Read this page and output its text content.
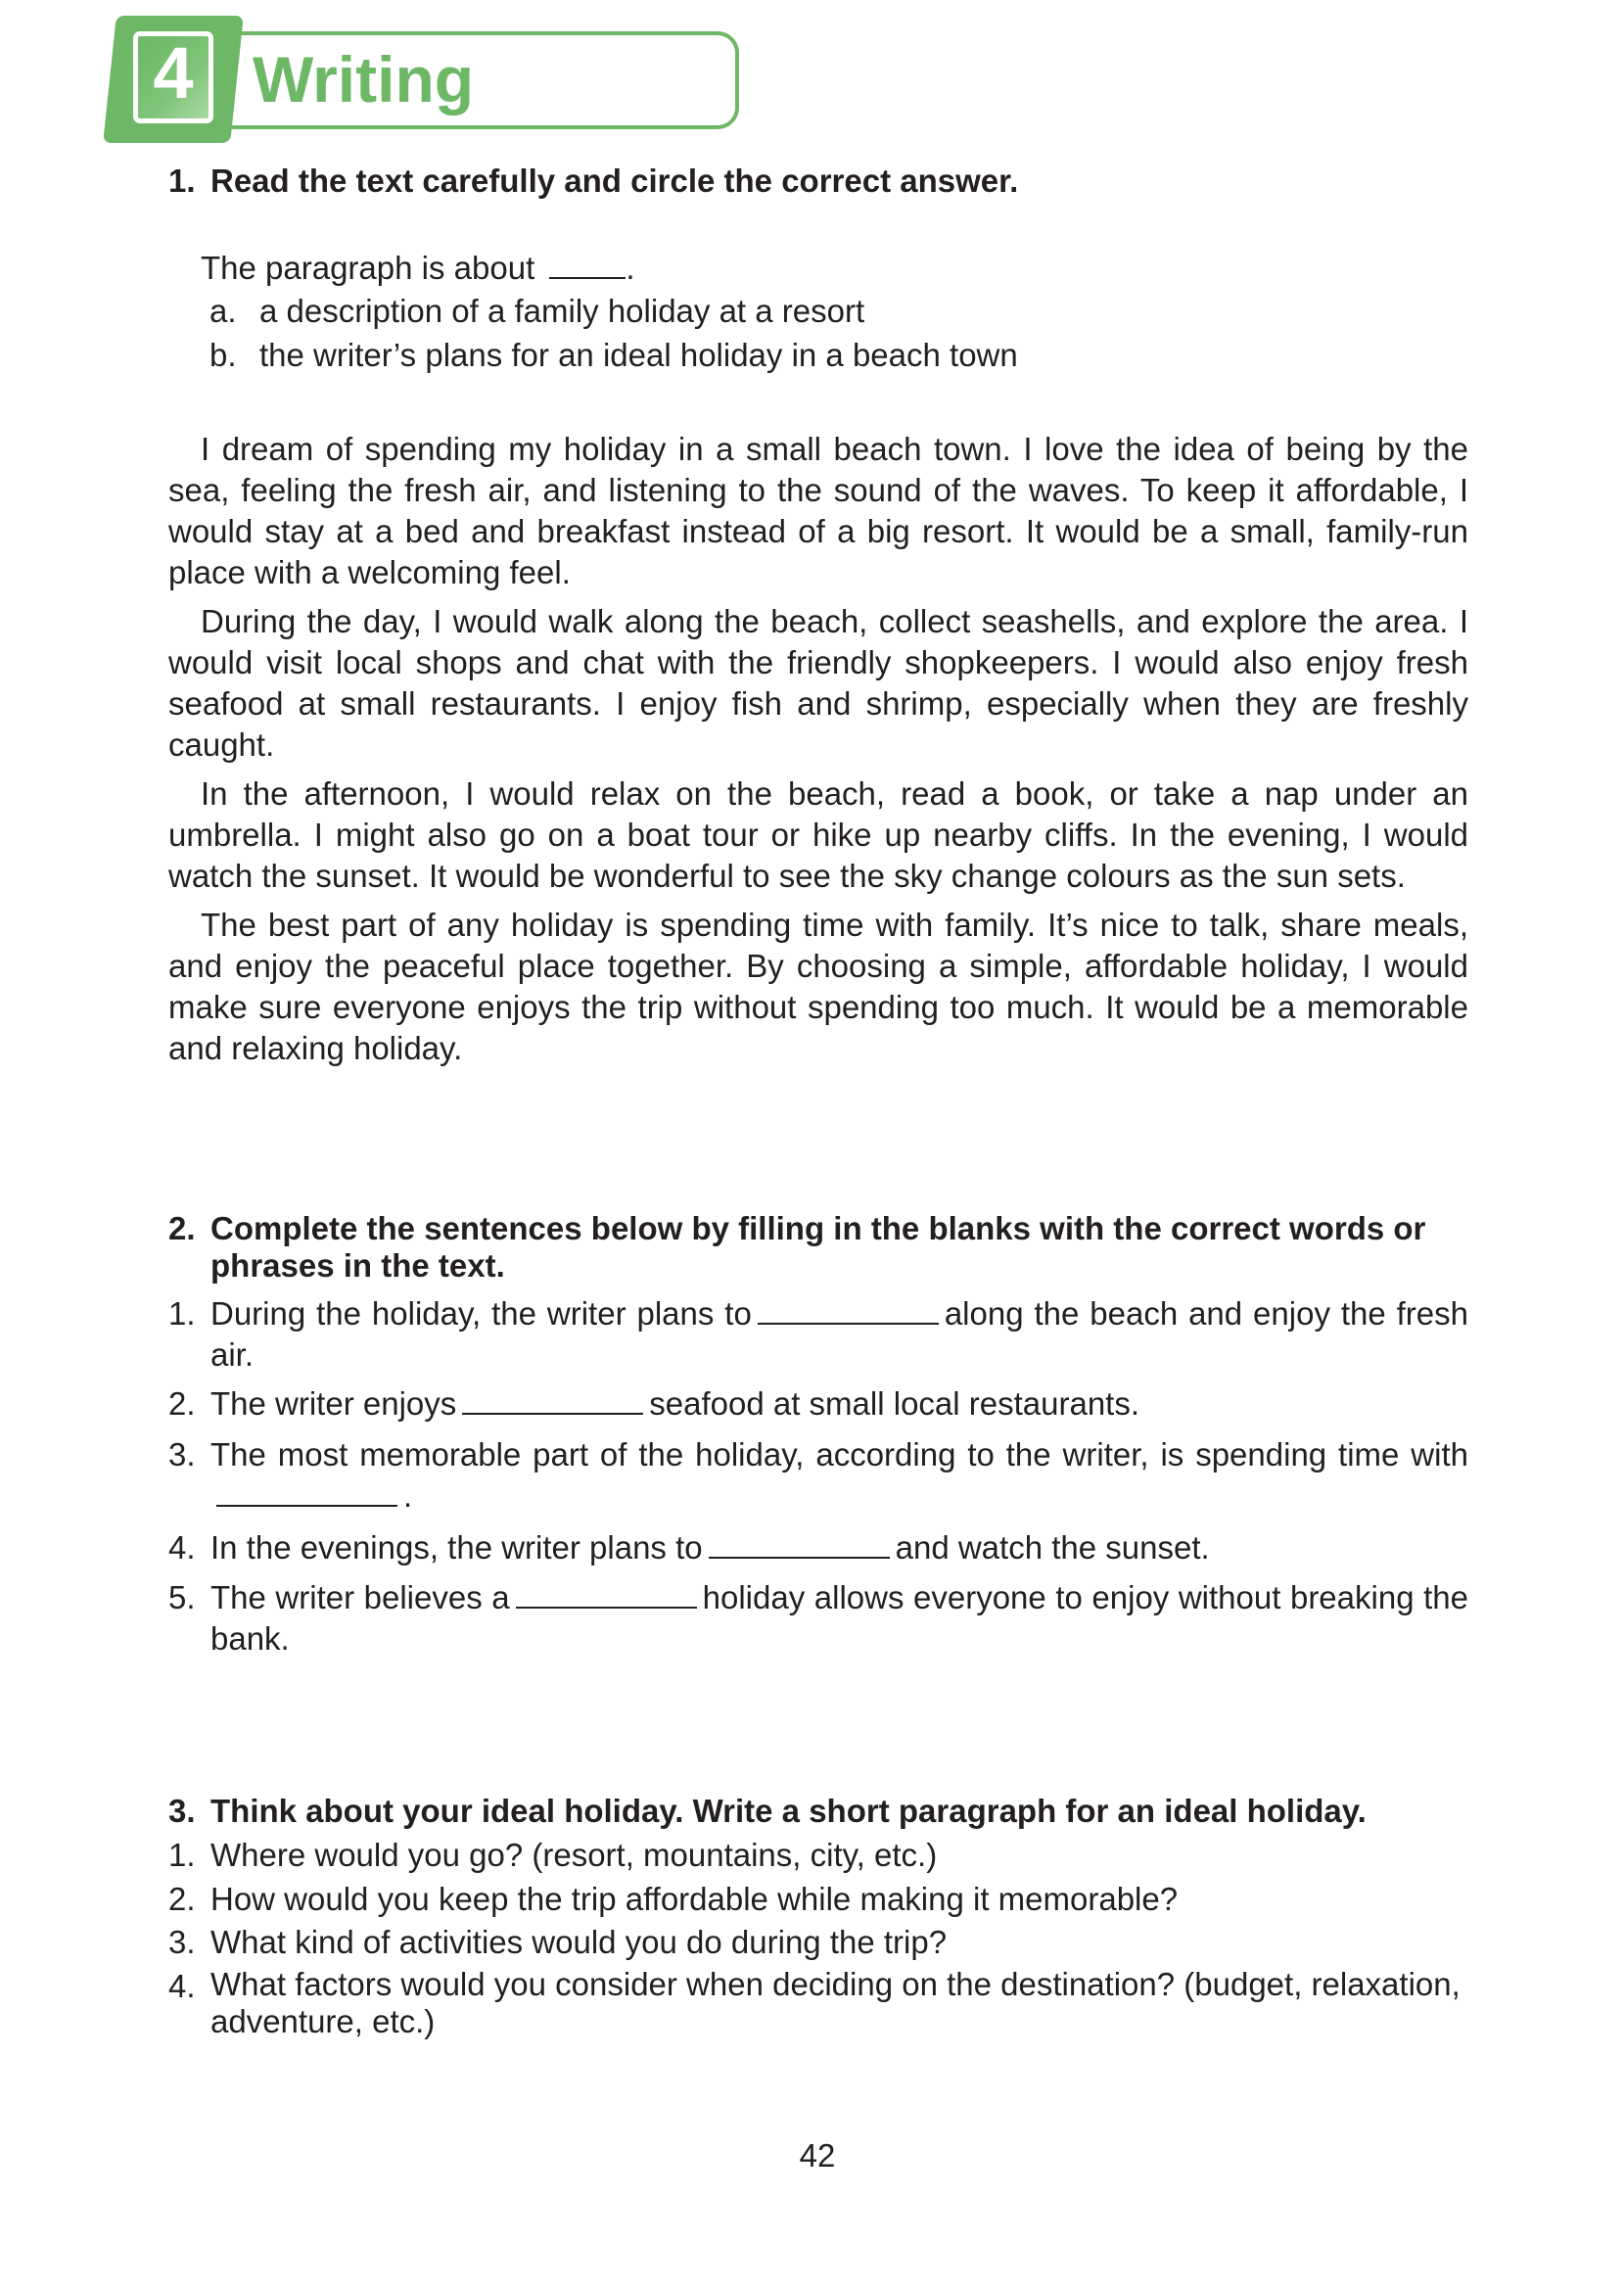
4 Writing
1. Read the text carefully and circle the correct answer.
The paragraph is about	.
a. a description of a family holiday at a resort
b. the writer’s plans for an ideal holiday in a beach town
I dream of spending my holiday in a small beach town. I love the idea of being by the sea, feeling the fresh air, and listening to the sound of the waves. To keep it affordable, I would stay at a bed and breakfast instead of a big resort. It would be a small, family-run place with a welcoming feel.
During the day, I would walk along the beach, collect seashells, and explore the area. I would visit local shops and chat with the friendly shopkeepers. I would also enjoy fresh seafood at small restaurants. I enjoy fish and shrimp, especially when they are freshly caught.
In the afternoon, I would relax on the beach, read a book, or take a nap under an umbrella. I might also go on a boat tour or hike up nearby cliffs. In the evening, I would watch the sunset. It would be wonderful to see the sky change colours as the sun sets.
The best part of any holiday is spending time with family. It’s nice to talk, share meals, and enjoy the peaceful place together. By choosing a simple, affordable holiday, I would make sure everyone enjoys the trip without spending too much. It would be a memorable and relaxing holiday.
2. Complete the sentences below by filling in the blanks with the correct words or phrases in the text.
1. During the holiday, the writer plans to	along the beach and enjoy the fresh air.
2. The writer enjoys	seafood at small local restaurants.
3. The most memorable part of the holiday, according to the writer, is spending time with.
4. In the evenings, the writer plans to	and watch the sunset.
5. The writer believes a	holiday allows everyone to enjoy without breaking the bank.
3. Think about your ideal holiday. Write a short paragraph for an ideal holiday.
1. Where would you go? (resort, mountains, city, etc.)
2. How would you keep the trip affordable while making it memorable?
3. What kind of activities would you do during the trip?
4. What factors would you consider when deciding on the destination? (budget, relaxation, adventure, etc.)
42
